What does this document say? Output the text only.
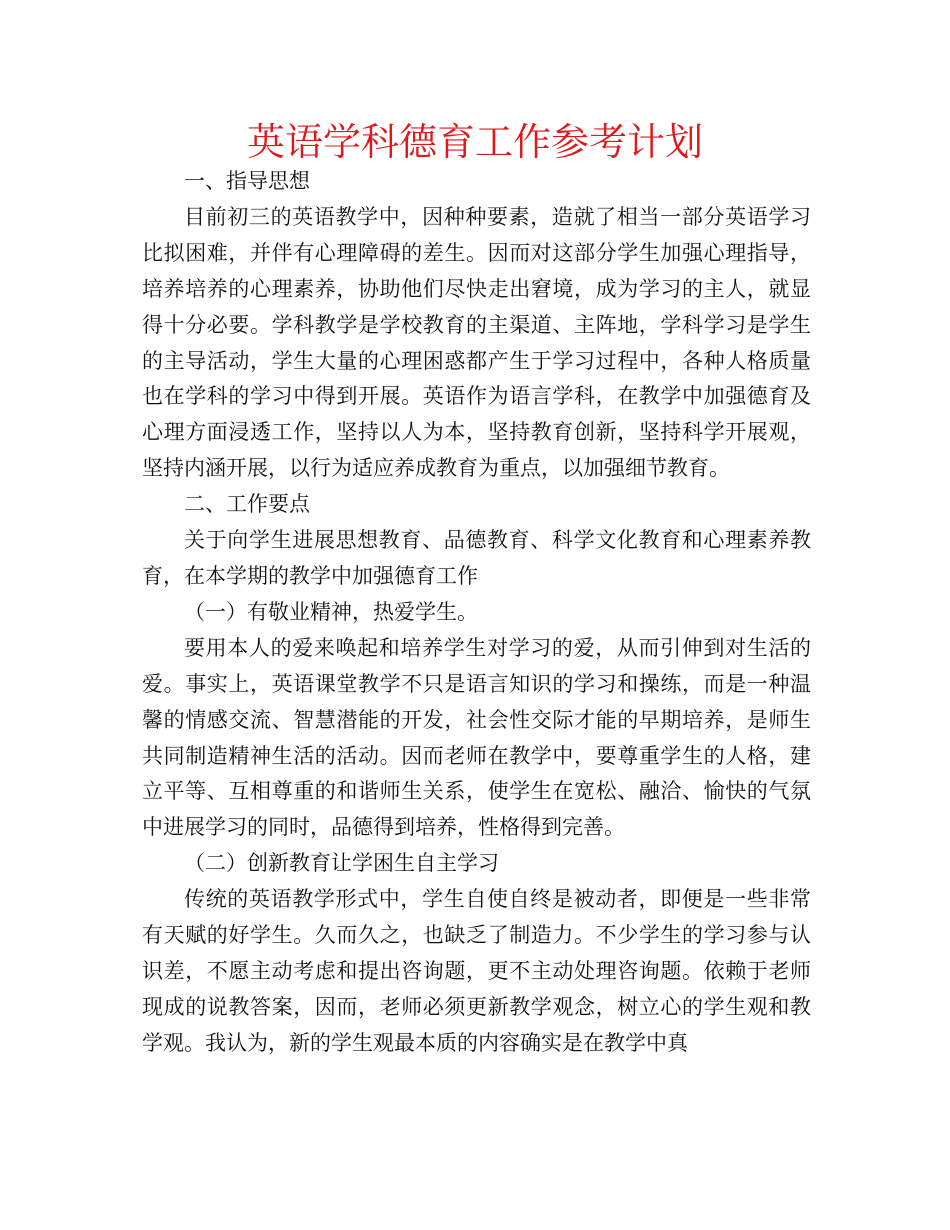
英语学科德育工作参考计划

一、指导思想

目前初三的英语教学中，因种种要素，造就了相当一部分英语学习比拟困难，并伴有心理障碍的差生。因而对这部分学生加强心理指导，培养培养的心理素养，协助他们尽快走出窘境，成为学习的主人，就显得十分必要。学科教学是学校教育的主渠道、主阵地，学科学习是学生的主导活动，学生大量的心理困惑都产生于学习过程中，各种人格质量也在学科的学习中得到开展。英语作为语言学科，在教学中加强德育及心理方面浸透工作，坚持以人为本，坚持教育创新，坚持科学开展观，坚持内涵开展，以行为适应养成教育为重点，以加强细节教育。

二、工作要点

关于向学生进展思想教育、品德教育、科学文化教育和心理素养教育，在本学期的教学中加强德育工作

（一）有敬业精神，热爱学生。

要用本人的爱来唤起和培养学生对学习的爱，从而引伸到对生活的爱。事实上，英语课堂教学不只是语言知识的学习和操练，而是一种温馨的情感交流、智慧潜能的开发，社会性交际才能的早期培养，是师生共同制造精神生活的活动。因而老师在教学中，要尊重学生的人格，建立平等、互相尊重的和谐师生关系，使学生在宽松、融洽、愉快的气氛中进展学习的同时，品德得到培养，性格得到完善。

（二）创新教育让学困生自主学习

传统的英语教学形式中，学生自使自终是被动者，即便是一些非常有天赋的好学生。久而久之，也缺乏了制造力。不少学生的学习参与认识差，不愿主动考虑和提出咨询题，更不主动处理咨询题。依赖于老师现成的说教答案，因而，老师必须更新教学观念，树立心的学生观和教学观。我认为，新的学生观最本质的内容确实是在教学中真
